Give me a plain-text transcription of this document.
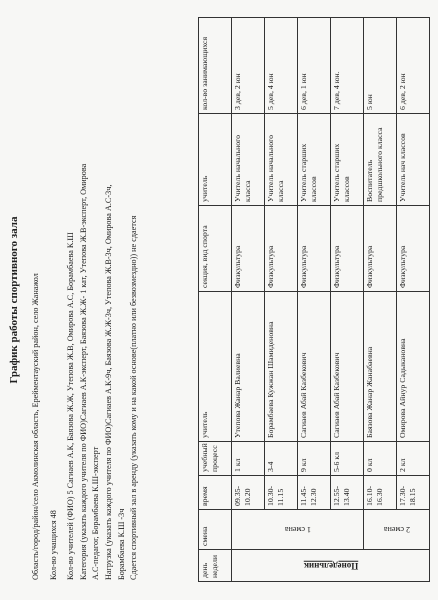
График работы спортивного зала Область/город/район/село Акмолинская область, Ерейментауский район, село Жанажол	Кол-во учащихся 48	Кол-во учителей (ФИО) 5 Сагиаев А.К, Баязова Ж.Ж, Утепова Ж.В, Омирова А.С, Борамбаева К.Ш Категория (указать каждого учителя по ФИО)Сагиаев А.К-эксперт, Баязова Ж.Ж- 1 кат, Утепова Ж.В-эксперт, Омирова А.С-педагог, Борамбаева К.Ш-эксперт Нагрузка (указать каждого учителя по ФИО)Сагиаев А.К-9ч, Баязова Ж.Ж-3ч, Утепова Ж.В-3ч, Омирова А.С-3ч, Борамбаева К.Ш -3ч Сдается спортивный зал в аренду (указать кому и на какой основе(платно или безвозмездно)) не сдается	день недели	смена	время	учебный процесс	учитель	секция, вид спорта	учитель	кол-во занимающихся

Понедельник	1 смена	09.35-10.20	1 кл	Утепова Жанар Валиевна	Физкультура	Учитель начального класса	3 дев, 2 юн
		10.30-11.15	3-4	Борамбаева Кужжан Шамиденовна	Физкультура	Учитель начального класса	5 дев, 4 юн
		11.45-12.30	9 кл	Сагиаев Абай Казбекович	Физкультура	Учитель старших классов	6 дев, 1 юн
		12.55-13.40	5-6 кл	Сагиаев Абай Казбекович	Физкультура	Учитель старших классов	7 дев, 4 юн.

	2 смена	16.10-16.30	0 кл	Баязова Жанар Жанабаевна	Физкультура	Воспитатель предшкольного класса	5 юн
		17.30-18.15	2 кл	Омирова Айнур Садыкановна	Физкультура	Учитель нач классов	6 дев, 2 юн
